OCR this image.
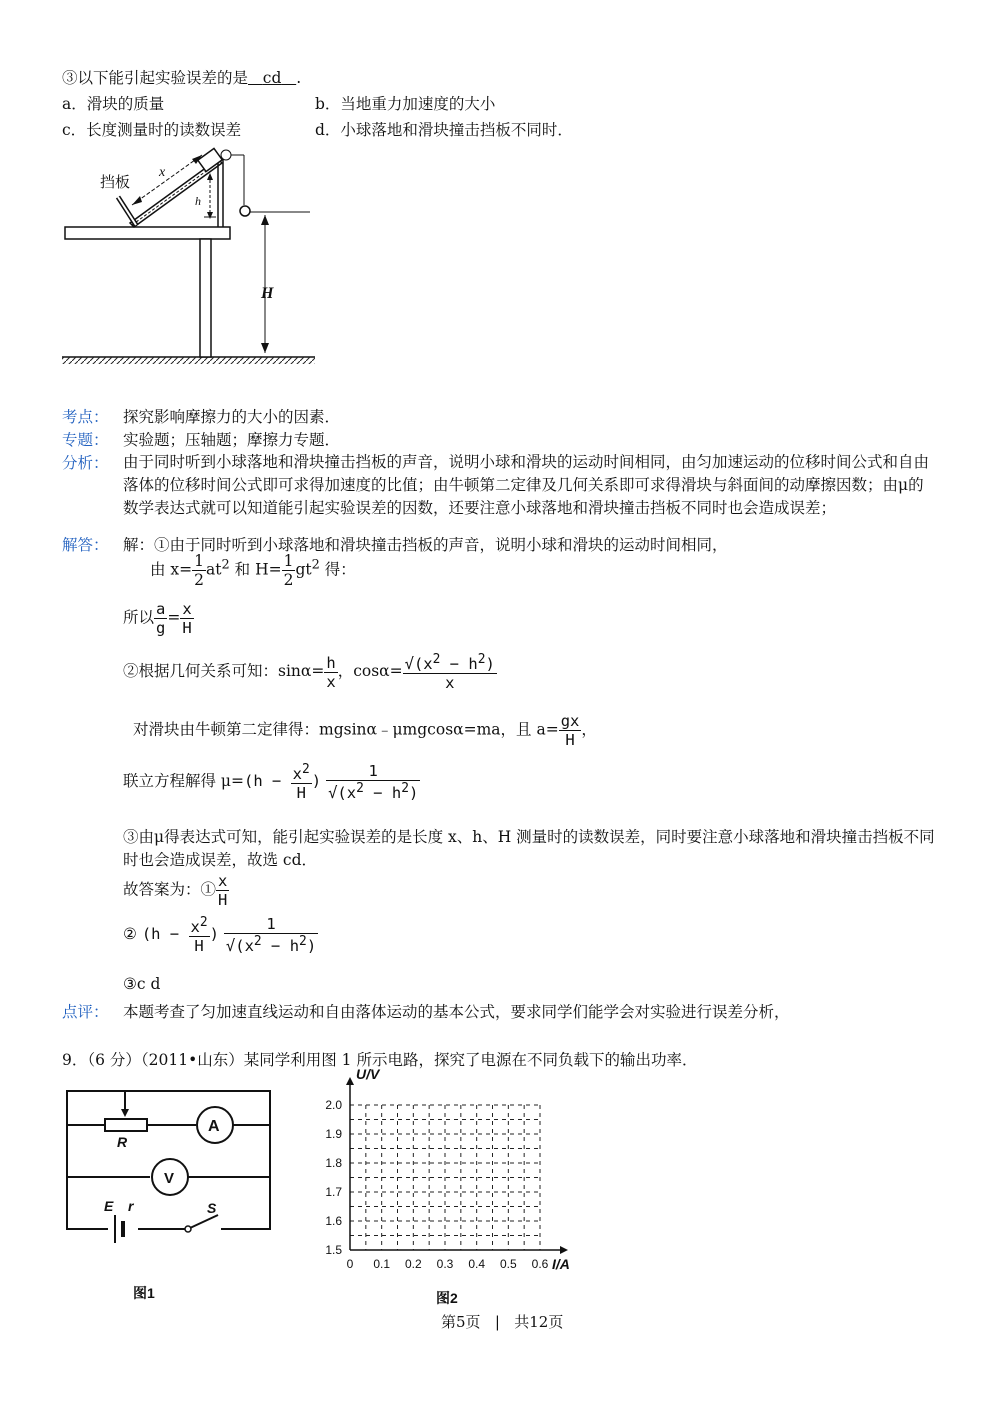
③以下能引起实验误差的是 cd .
a．滑块的质量	b．当地重力加速度的大小
c．长度测量时的读数误差	d．小球落地和滑块撞击挡板不同时．
挡板
x
h
H
考点： 探究影响摩擦力的大小的因素．
专题： 实验题；压轴题；摩擦力专题．
分析： 由于同时听到小球落地和滑块撞击挡板的声音，说明小球和滑块的运动时间相同，由匀加速运动的位移时间公式和自由落体的位移时间公式即可求得加速度的比值；由牛顿第二定律及几何关系即可求得滑块与斜面间的动摩擦因数；由μ的数学表达式就可以知道能引起实验误差的因数，还要注意小球落地和滑块撞击挡板不同时也会造成误差；
解答： 解：①由于同时听到小球落地和滑块撞击挡板的声音，说明小球和滑块的运动时间相同，
由 $x= \frac{1}{2} at^2$ 和 $H= \frac{1}{2} gt^2$ 得：
所以 $\frac{a}{g} = \frac{x}{H}$
②根据几何关系可知：$\sin\alpha= \frac{h}{x}$ ，$\cos\alpha= \frac{√(x^2 - h^2)}{x}$
对滑块由牛顿第二定律得：mgsinα﹣μmgcosα=ma，且 $a= \frac{gx}{H}$ ，
联立方程解得 $\mu=(h - \frac{x^2}{H}$ ) $\frac{1}{√(x^2 - h^2)}$
③由μ得表达式可知，能引起实验误差的是长度 x、h、H 测量时的读数误差，同时要注意小球落地和滑块撞击挡板不同时也会造成误差，故选 cd．
故答案为：① $\frac{x}{H}$
② ($h - \frac{x^2}{H}$ ) $\frac{1}{√(x^2 - h^2)}$
③c d
点评： 本题考查了匀加速直线运动和自由落体运动的基本公式，要求同学们能学会对实验进行误差分析，
9．（6 分）（2011•山东）某同学利用图 1 所示电路，探究了电源在不同负载下的输出功率．
R
A
V
E r	S
图1
2.0
1.9
1.8
1.7
1.6
1.5
0 0.1 0.2 0.3 0.4 0.5 0.6
U/V
I/A
图2
第5页 | 共12页
